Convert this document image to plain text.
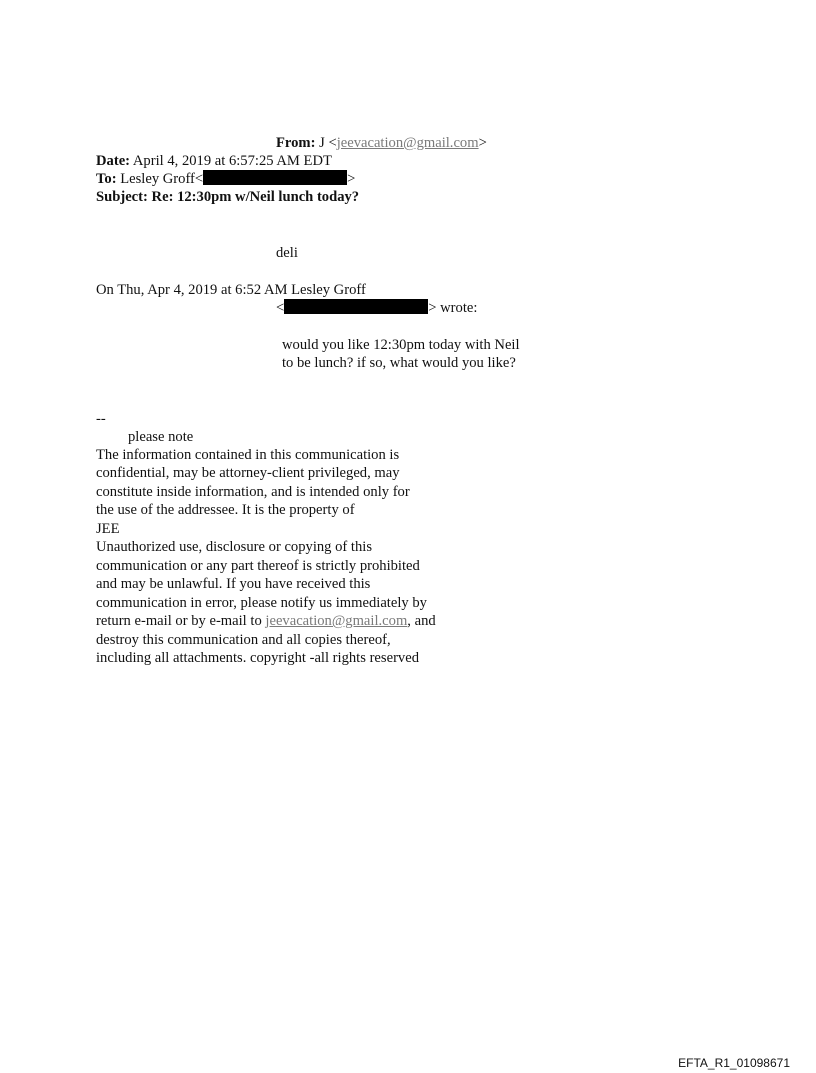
From: J <jeevacation@gmail.com>
Date: April 4, 2019 at 6:57:25 AM EDT
To: Lesley Groff<	>
Subject: Re: 12:30pm w/Neil lunch today?
deli
On Thu, Apr 4, 2019 at 6:52 AM Lesley Groff
<	> wrote:
would you like 12:30pm today with Neil
to be lunch? if so, what would you like?
--
please note
The information contained in this communication is
confidential, may be attorney-client privileged, may
constitute inside information, and is intended only for
the use of the addressee. It is the property of
JEE
Unauthorized use, disclosure or copying of this
communication or any part thereof is strictly prohibited
and may be unlawful. If you have received this
communication in error, please notify us immediately by
return e-mail or by e-mail to jeevacation@gmail.com, and
destroy this communication and all copies thereof,
including all attachments. copyright -all rights reserved
EFTA_R1_01098671
